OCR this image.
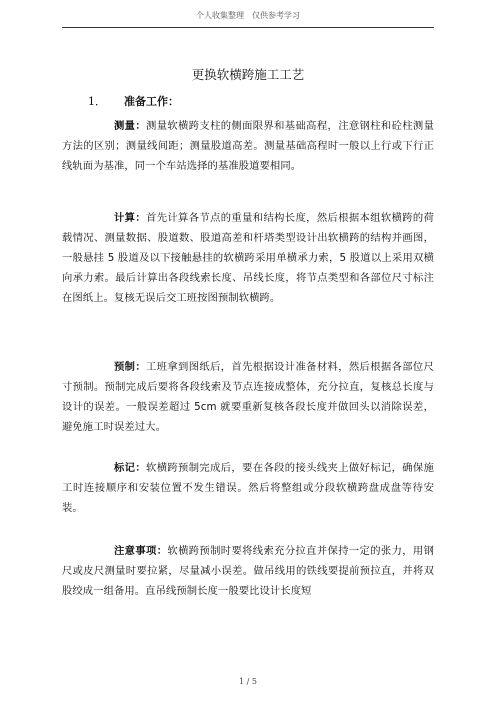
个人收集整理　仅供参考学习
更换软横跨施工工艺
1． 准备工作：

测量：测量软横跨支柱的侧面限界和基础高程，注意钢柱和砼柱测量方法的区别；测量线间距；测量股道高差。测量基础高程时一般以上行或下行正线轨面为基准，同一个车站选择的基准股道要相同。

计算：首先计算各节点的重量和结构长度，然后根据本组软横跨的荷载情况、测量数据、股道数、股道高差和杆塔类型设计出软横跨的结构并画图，一般悬挂 5 股道及以下接触悬挂的软横跨采用单横承力索，5 股道以上采用双横向承力索。最后计算出各段线索长度、吊线长度，将节点类型和各部位尺寸标注在图纸上。复核无误后交工班按图预制软横跨。

预制：工班拿到图纸后，首先根据设计准备材料，然后根据各部位尺寸预制。预制完成后要将各段线索及节点连接成整体，充分拉直，复核总长度与设计的误差。一般误差超过 5cm 就要重新复核各段长度并做回头以消除误差，避免施工时误差过大。

标记：软横跨预制完成后，要在各段的接头线夹上做好标记，确保施工时连接顺序和安装位置不发生错误。然后将整组或分段软横跨盘成盘等待安装。

注意事项：软横跨预制时要将线索充分拉直并保持一定的张力，用钢尺或皮尺测量时要拉紧，尽量减小误差。做吊线用的铁线要提前预拉直，并将双股绞成一组备用。直吊线预制长度一般要比设计长度短

1 / 5
